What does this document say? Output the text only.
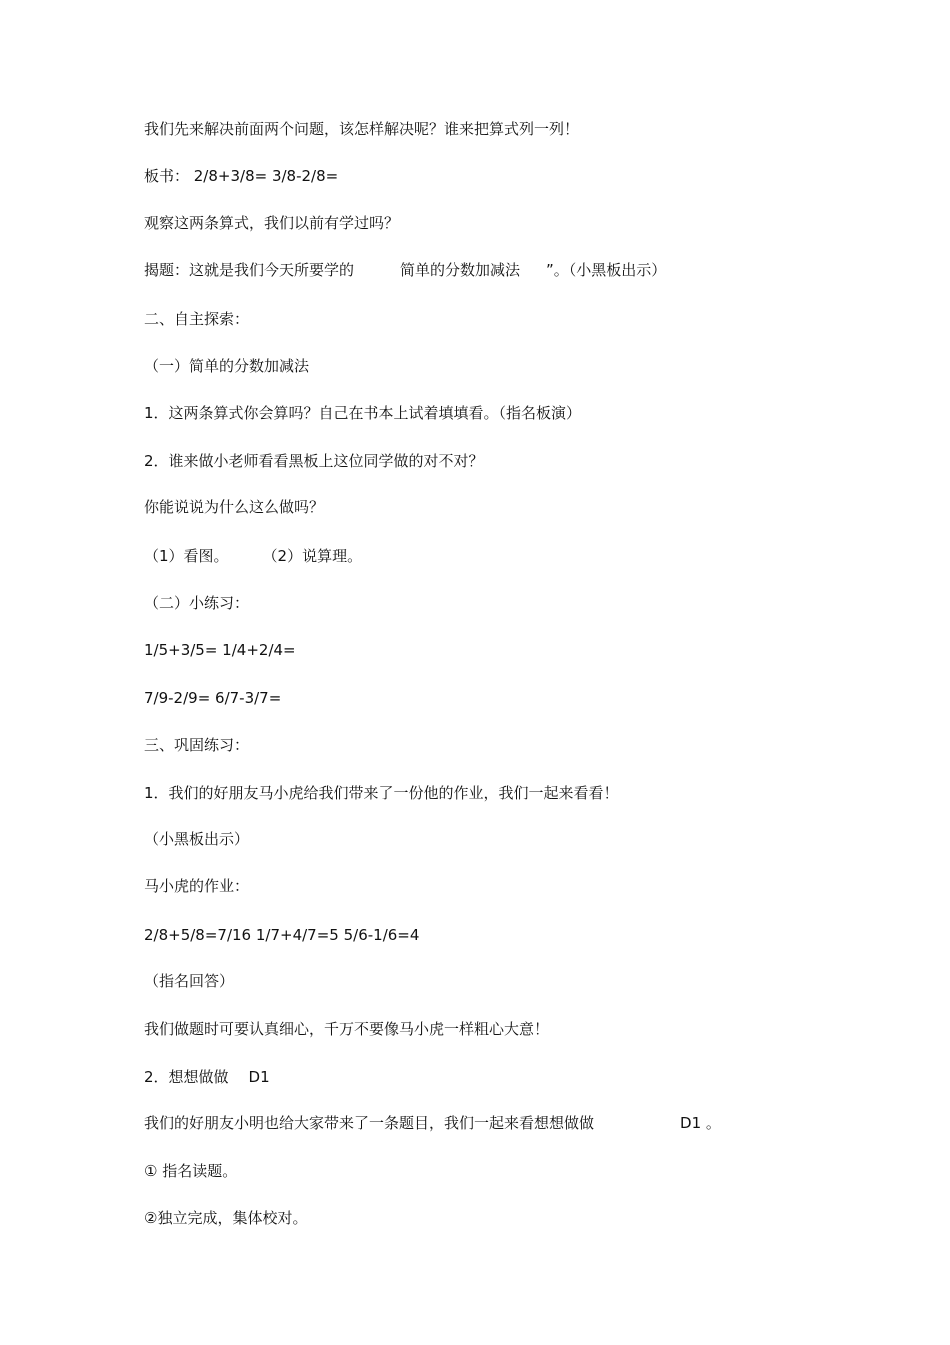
我们先来解决前面两个问题，该怎样解决呢？谁来把算式列一列！
板书： 2/8+3/8= 3/8-2/8=
观察这两条算式，我们以前有学过吗？
揭题：这就是我们今天所要学的	简单的分数加减法 ”。（小黑板出示）
二、自主探索：
（一）简单的分数加减法
1．这两条算式你会算吗？自己在书本上试着填填看。（指名板演）
2．谁来做小老师看看黑板上这位同学做的对不对？
你能说说为什么这么做吗？
（1）看图。 （2）说算理。
（二）小练习：
1/5+3/5= 1/4+2/4=
7/9-2/9= 6/7-3/7=
三、巩固练习：
1．我们的好朋友马小虎给我们带来了一份他的作业，我们一起来看看！
（小黑板出示）
马小虎的作业：
2/8+5/8=7/16 1/7+4/7=5 5/6-1/6=4
（指名回答）
我们做题时可要认真细心，千万不要像马小虎一样粗心大意！
2．想想做做 D1
我们的好朋友小明也给大家带来了一条题目，我们一起来看想想做做	D1 。
① 指名读题。
②独立完成，集体校对。
